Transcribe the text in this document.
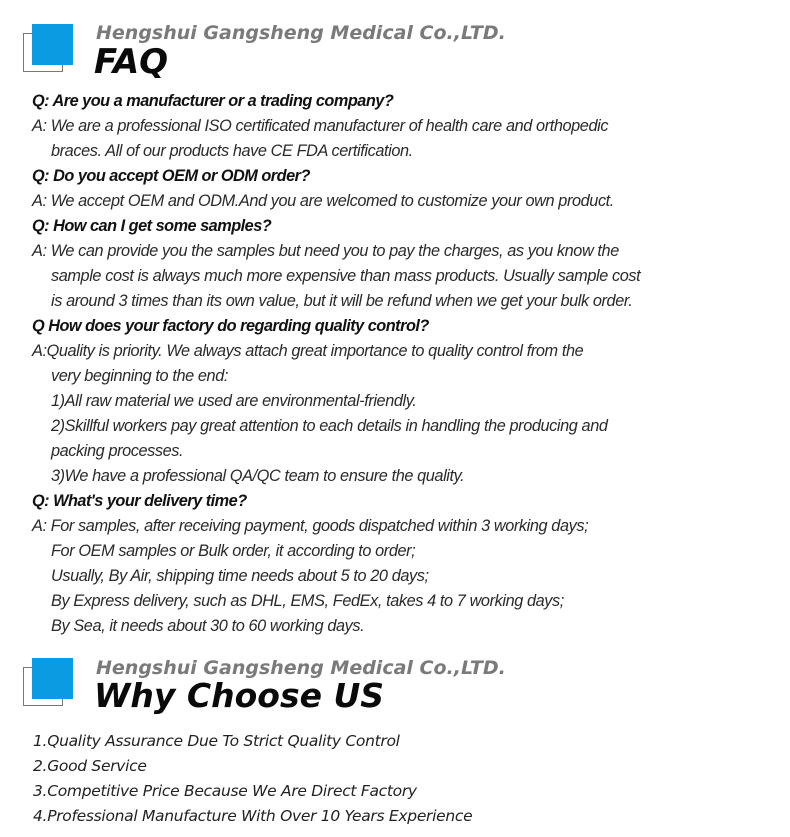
Hengshui Gangsheng Medical Co.,LTD.
FAQ
Q: Are you a manufacturer or a trading company?
A: We are a professional ISO certificated manufacturer of health care and orthopedic
braces. All of our products have CE FDA certification.
Q: Do you accept OEM or ODM order?
A: We accept OEM and ODM.And you are welcomed to customize your own product.
Q: How can I get some samples?
A: We can provide you the samples but need you to pay the charges, as you know the
sample cost is always much more expensive than mass products. Usually sample cost
is around 3 times than its own value, but it will be refund when we get your bulk order.
Q How does your factory do regarding quality control?
A:Quality is priority. We always attach great importance to quality control from the
very beginning to the end:
1)All raw material we used are environmental-friendly.
2)Skillful workers pay great attention to each details in handling the producing and
packing processes.
3)We have a professional QA/QC team to ensure the quality.
Q: What's your delivery time?
A: For samples, after receiving payment, goods dispatched within 3 working days;
For OEM samples or Bulk order, it according to order;
Usually, By Air, shipping time needs about 5 to 20 days;
By Express delivery, such as DHL, EMS, FedEx, takes 4 to 7 working days;
By Sea, it needs about 30 to 60 working days.
Hengshui Gangsheng Medical Co.,LTD.
Why Choose US
1.Quality Assurance Due To Strict Quality Control
2.Good Service
3.Competitive Price Because We Are Direct Factory
4.Professional Manufacture With Over 10 Years Experience
